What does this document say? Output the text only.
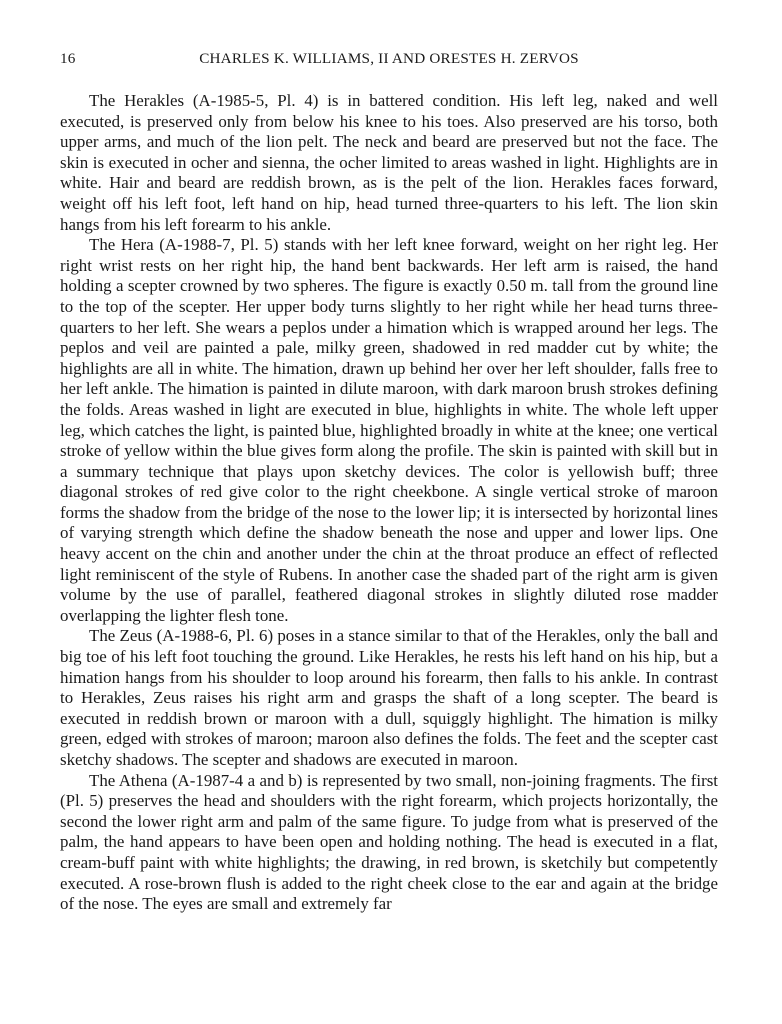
16	CHARLES K. WILLIAMS, II AND ORESTES H. ZERVOS

The Herakles (A-1985-5, Pl. 4) is in battered condition. His left leg, naked and well executed, is preserved only from below his knee to his toes. Also preserved are his torso, both upper arms, and much of the lion pelt. The neck and beard are preserved but not the face. The skin is executed in ocher and sienna, the ocher limited to areas washed in light. Highlights are in white. Hair and beard are reddish brown, as is the pelt of the lion. Herakles faces forward, weight off his left foot, left hand on hip, head turned three-quarters to his left. The lion skin hangs from his left forearm to his ankle.

The Hera (A-1988-7, Pl. 5) stands with her left knee forward, weight on her right leg. Her right wrist rests on her right hip, the hand bent backwards. Her left arm is raised, the hand holding a scepter crowned by two spheres. The figure is exactly 0.50 m. tall from the ground line to the top of the scepter. Her upper body turns slightly to her right while her head turns three-quarters to her left. She wears a peplos under a himation which is wrapped around her legs. The peplos and veil are painted a pale, milky green, shadowed in red madder cut by white; the highlights are all in white. The himation, drawn up behind her over her left shoulder, falls free to her left ankle. The himation is painted in dilute maroon, with dark maroon brush strokes defining the folds. Areas washed in light are executed in blue, highlights in white. The whole left upper leg, which catches the light, is painted blue, highlighted broadly in white at the knee; one vertical stroke of yellow within the blue gives form along the profile. The skin is painted with skill but in a summary technique that plays upon sketchy devices. The color is yellowish buff; three diagonal strokes of red give color to the right cheekbone. A single vertical stroke of maroon forms the shadow from the bridge of the nose to the lower lip; it is intersected by horizontal lines of varying strength which define the shadow beneath the nose and upper and lower lips. One heavy accent on the chin and another under the chin at the throat produce an effect of reflected light reminiscent of the style of Rubens. In another case the shaded part of the right arm is given volume by the use of parallel, feathered diagonal strokes in slightly diluted rose madder overlapping the lighter flesh tone.

The Zeus (A-1988-6, Pl. 6) poses in a stance similar to that of the Herakles, only the ball and big toe of his left foot touching the ground. Like Herakles, he rests his left hand on his hip, but a himation hangs from his shoulder to loop around his forearm, then falls to his ankle. In contrast to Herakles, Zeus raises his right arm and grasps the shaft of a long scepter. The beard is executed in reddish brown or maroon with a dull, squiggly highlight. The himation is milky green, edged with strokes of maroon; maroon also defines the folds. The feet and the scepter cast sketchy shadows. The scepter and shadows are executed in maroon.

The Athena (A-1987-4 a and b) is represented by two small, non-joining fragments. The first (Pl. 5) preserves the head and shoulders with the right forearm, which projects horizontally, the second the lower right arm and palm of the same figure. To judge from what is preserved of the palm, the hand appears to have been open and holding nothing. The head is executed in a flat, cream-buff paint with white highlights; the drawing, in red brown, is sketchily but competently executed. A rose-brown flush is added to the right cheek close to the ear and again at the bridge of the nose. The eyes are small and extremely far
